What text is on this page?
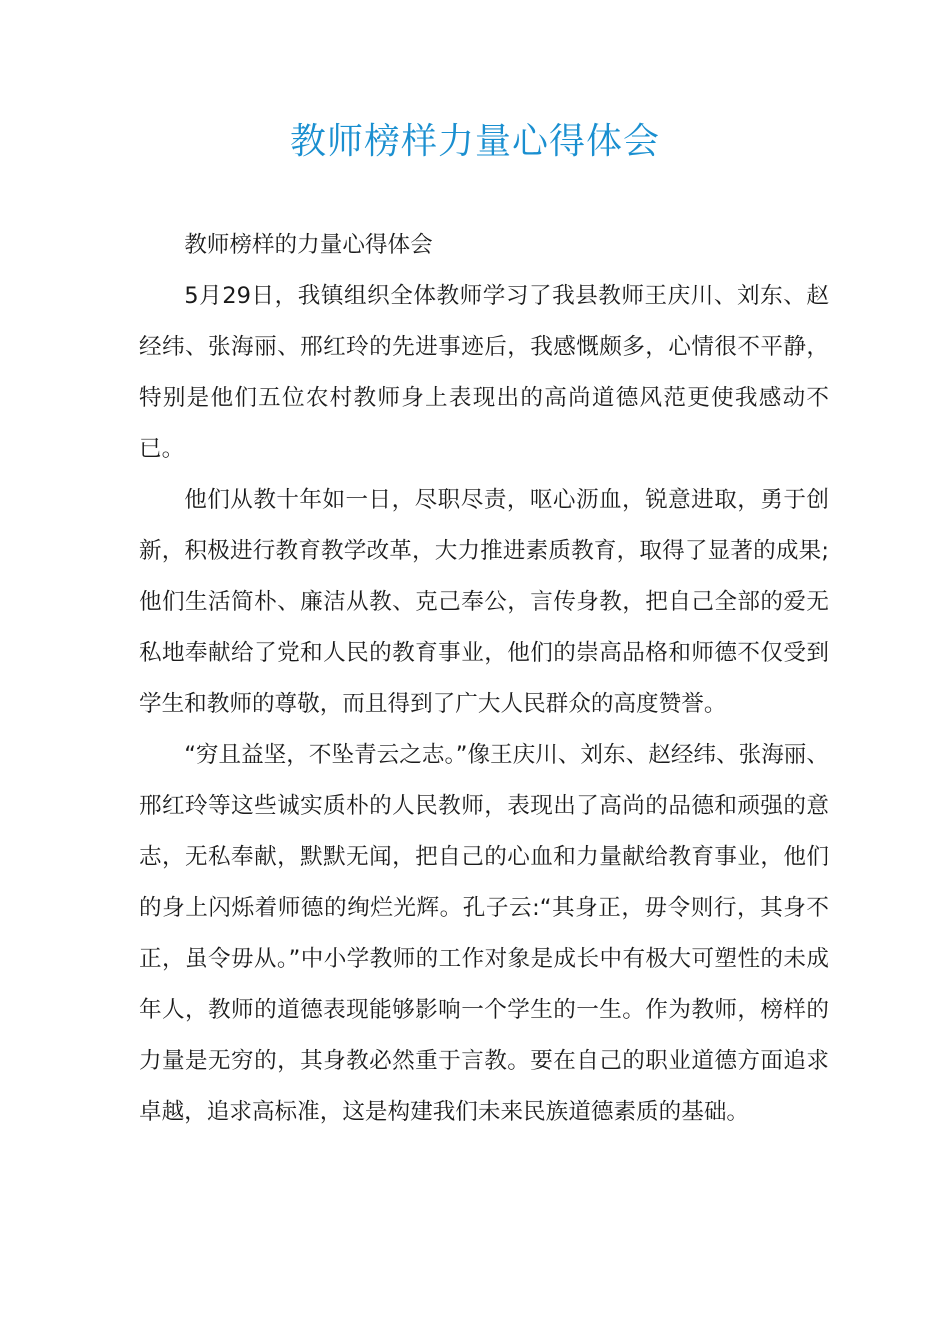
教师榜样力量心得体会

教师榜样的力量心得体会

5月29日，我镇组织全体教师学习了我县教师王庆川、刘东、赵经纬、张海丽、邢红玲的先进事迹后，我感慨颇多，心情很不平静，特别是他们五位农村教师身上表现出的高尚道德风范更使我感动不已。

他们从教十年如一日，尽职尽责，呕心沥血，锐意进取，勇于创新，积极进行教育教学改革，大力推进素质教育，取得了显著的成果;他们生活简朴、廉洁从教、克己奉公，言传身教，把自己全部的爱无私地奉献给了党和人民的教育事业，他们的崇高品格和师德不仅受到学生和教师的尊敬，而且得到了广大人民群众的高度赞誉。

“穷且益坚，不坠青云之志。”像王庆川、刘东、赵经纬、张海丽、邢红玲等这些诚实质朴的人民教师，表现出了高尚的品德和顽强的意志，无私奉献，默默无闻，把自己的心血和力量献给教育事业，他们的身上闪烁着师德的绚烂光辉。孔子云:“其身正，毋令则行，其身不正，虽令毋从。”中小学教师的工作对象是成长中有极大可塑性的未成年人，教师的道德表现能够影响一个学生的一生。作为教师，榜样的力量是无穷的，其身教必然重于言教。要在自己的职业道德方面追求卓越，追求高标准，这是构建我们未来民族道德素质的基础。
